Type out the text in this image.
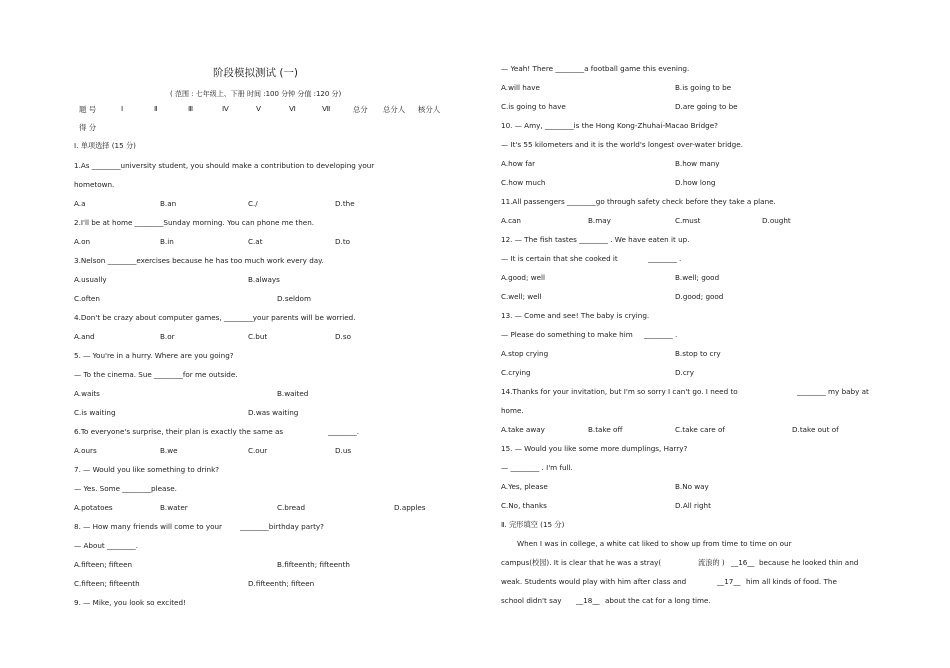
阶段模拟测试 (一)
( 范围 : 七年级上、下册 时间 :100 分钟 分值 :120 分)
题 号	Ⅰ	Ⅱ	Ⅲ	Ⅳ	Ⅴ	Ⅵ	Ⅶ	总分 总分人 核分人
得 分
Ⅰ. 单项选择 (15 分)
1.As ________university student, you should make a contribution to developing your
hometown.
A.a	B.an	C./	D.the
2.I'll be at home ________Sunday morning. You can phone me then.
A.on	B.in	C.at	D.to
3.Nelson ________exercises because he has too much work every day.
A.usually	B.always
C.often	D.seldom
4.Don't be crazy about computer games, ________your parents will be worried.
A.and	B.or	C.but	D.so
5. — You're in a hurry. Where are you going?
— To the cinema. Sue ________for me outside.
A.waits	B.waited
C.is waiting	D.was waiting
6.To everyone's surprise, their plan is exactly the same as	________.
A.ours	B.we	C.our	D.us
7. — Would you like something to drink?
— Yes. Some ________please.
A.potatoes	B.water	C.bread	D.apples
8. — How many friends will come to your ________birthday party?
— About ________.
A.fifteen; fifteen	B.fifteenth; fifteenth
C.fifteen; fifteenth	D.fifteenth; fifteen
9. — Mike, you look so excited!
— Yeah! There ________a football game this evening.
A.will have	B.is going to be
C.is going to have	D.are going to be
10. — Amy, ________is the Hong Kong-Zhuhai-Macao Bridge?
— It's 55 kilometers and it is the world's longest over-water bridge.
A.how far	B.how many
C.how much	D.how long
11.All passengers ________go through safety check before they take a plane.
A.can	B.may	C.must	D.ought
12. — The fish tastes ________ . We have eaten it up.
— It is certain that she cooked it	________ .
A.good; well	B.well; good
C.well; well	D.good; good
13. — Come and see! The baby is crying.
— Please do something to make him ________ .
A.stop crying	B.stop to cry
C.crying	D.cry
14.Thanks for your invitation, but I'm so sorry I can't go. I need to	________ my baby at
home.
A.take away	B.take off	C.take care of	D.take out of
15. — Would you like some more dumplings, Harry?
— ________ . I'm full.
A.Yes, please	B.No way
C.No, thanks	D.All right
Ⅱ. 完形填空 (15 分)
When I was in college, a white cat liked to show up from time to time on our
campus(校园). It is clear that he was a stray(	流浪的 ) __16__ because he looked thin and
weak. Students would play with him after class and	__17__ him all kinds of food. The
school didn't say __18__ about the cat for a long time.
